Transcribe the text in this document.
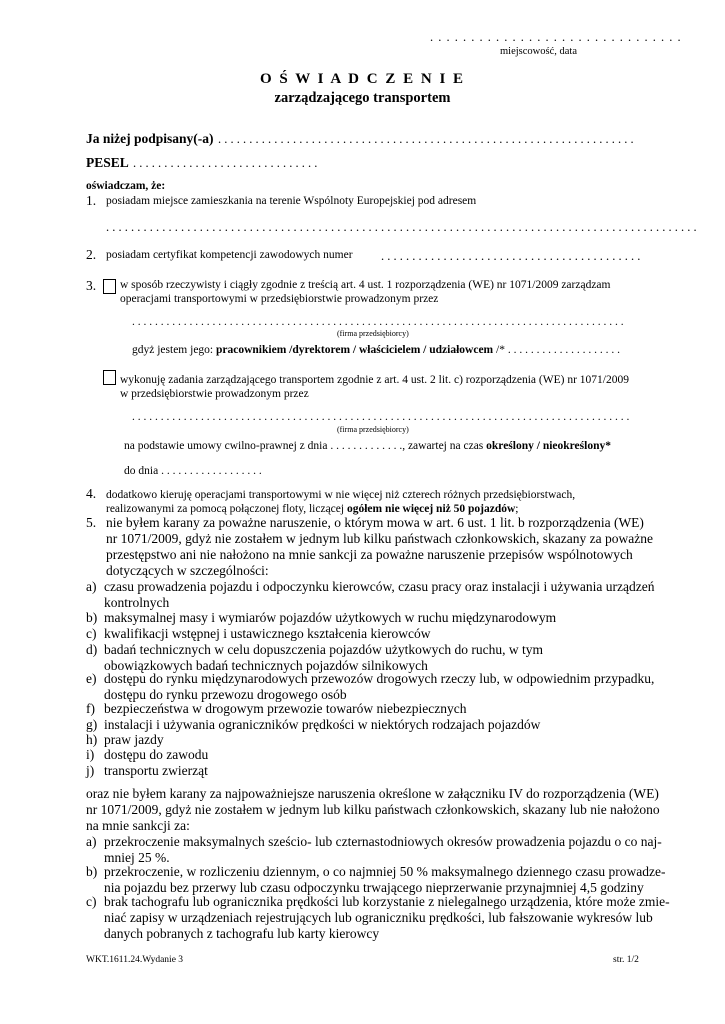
. . . . . . . . . . . . . . . . . . . . . . . . . . . . . . .
miejscowość, data
O Ś W I A D C Z E N I E
zarządzającego transportem
Ja niżej podpisany(-a) . . . . . . . . . . . . . . . . . . . . . . . . . . . . . . . . . . . . . . . . . . . . . . . . . . . . . . . . . . . . . . . . . . .
PESEL . . . . . . . . . . . . . . . . . . . . . . . . . . . . . .
oświadczam, że:
1. posiadam miejsce zamieszkania na terenie Wspólnoty Europejskiej pod adresem
. . . . . . . . . . . . . . . . . . . . . . . . . . . . . . . . . . . . . . . . . . . . . . . . . . . . . . . . . . . . . . . . . . . . . . . . . . . . . . . . . . . . . . . . . . . . . . .
2. posiadam certyfikat kompetencji zawodowych numer . . . . . . . . . . . . . . . . . . . . . . . . . . . . . . . . . . . . . . . . . .
3. w sposób rzeczywisty i ciągły zgodnie z treścią art. 4 ust. 1 rozporządzenia (WE) nr 1071/2009 zarządzam
operacjami transportowymi w przedsiębiorstwie prowadzonym przez
. . . . . . . . . . . . . . . . . . . . . . . . . . . . . . . . . . . . . . . . . . . . . . . . . . . . . . . . . . . . . . . . . . . . . . . . . . . . . . . . . . . . . .
(firma przedsiębiorcy)
gdyż jestem jego: pracownikiem /dyrektorem / właścicielem / udziałowcem /* . . . . . . . . . . . . . . . . . . . .
wykonuję zadania zarządzającego transportem zgodnie z art. 4 ust. 2 lit. c) rozporządzenia (WE) nr 1071/2009
w przedsiębiorstwie prowadzonym przez
. . . . . . . . . . . . . . . . . . . . . . . . . . . . . . . . . . . . . . . . . . . . . . . . . . . . . . . . . . . . . . . . . . . . . . . . . . . . . . . . . . . . . . .
(firma przedsiębiorcy)
na podstawie umowy cwilno-prawnej z dnia . . . . . . . . . . . . ., zawartej na czas określony / nieokreślony*
do dnia . . . . . . . . . . . . . . . . . .
4. dodatkowo kieruję operacjami transportowymi w nie więcej niż czterech różnych przedsiębiorstwach,
realizowanymi za pomocą połączonej floty, liczącej ogółem nie więcej niż 50 pojazdów;
5. nie byłem karany za poważne naruszenie, o którym mowa w art. 6 ust. 1 lit. b rozporządzenia (WE)
nr 1071/2009, gdyż nie zostałem w jednym lub kilku państwach członkowskich, skazany za poważne
przestępstwo ani nie nałożono na mnie sankcji za poważne naruszenie przepisów wspólnotowych
dotyczących w szczególności:
a) czasu prowadzenia pojazdu i odpoczynku kierowców, czasu pracy oraz instalacji i używania urządzeń
kontrolnych
b) maksymalnej masy i wymiarów pojazdów użytkowych w ruchu międzynarodowym
c) kwalifikacji wstępnej i ustawicznego kształcenia kierowców
d) badań technicznych w celu dopuszczenia pojazdów użytkowych do ruchu, w tym
obowiązkowych badań technicznych pojazdów silnikowych
e) dostępu do rynku międzynarodowych przewozów drogowych rzeczy lub, w odpowiednim przypadku,
dostępu do rynku przewozu drogowego osób
f) bezpieczeństwa w drogowym przewozie towarów niebezpiecznych
g) instalacji i używania ograniczników prędkości w niektórych rodzajach pojazdów
h) praw jazdy
i) dostępu do zawodu
j) transportu zwierząt
oraz nie byłem karany za najpoważniejsze naruszenia określone w załączniku IV do rozporządzenia (WE)
nr 1071/2009, gdyż nie zostałem w jednym lub kilku państwach członkowskich, skazany lub nie nałożono
na mnie sankcji za:
a) przekroczenie maksymalnych sześcio- lub czternastodniowych okresów prowadzenia pojazdu o co naj-
mniej 25 %.
b) przekroczenie, w rozliczeniu dziennym, o co najmniej 50 % maksymalnego dziennego czasu prowadze-
nia pojazdu bez przerwy lub czasu odpoczynku trwającego nieprzerwanie przynajmniej 4,5 godziny
c) brak tachografu lub ogranicznika prędkości lub korzystanie z nielegalnego urządzenia, które może zmie-
niać zapisy w urządzeniach rejestrujących lub ograniczniku prędkości, lub fałszowanie wykresów lub
danych pobranych z tachografu lub karty kierowcy
WKT.1611.24.Wydanie 3	str. 1/2
